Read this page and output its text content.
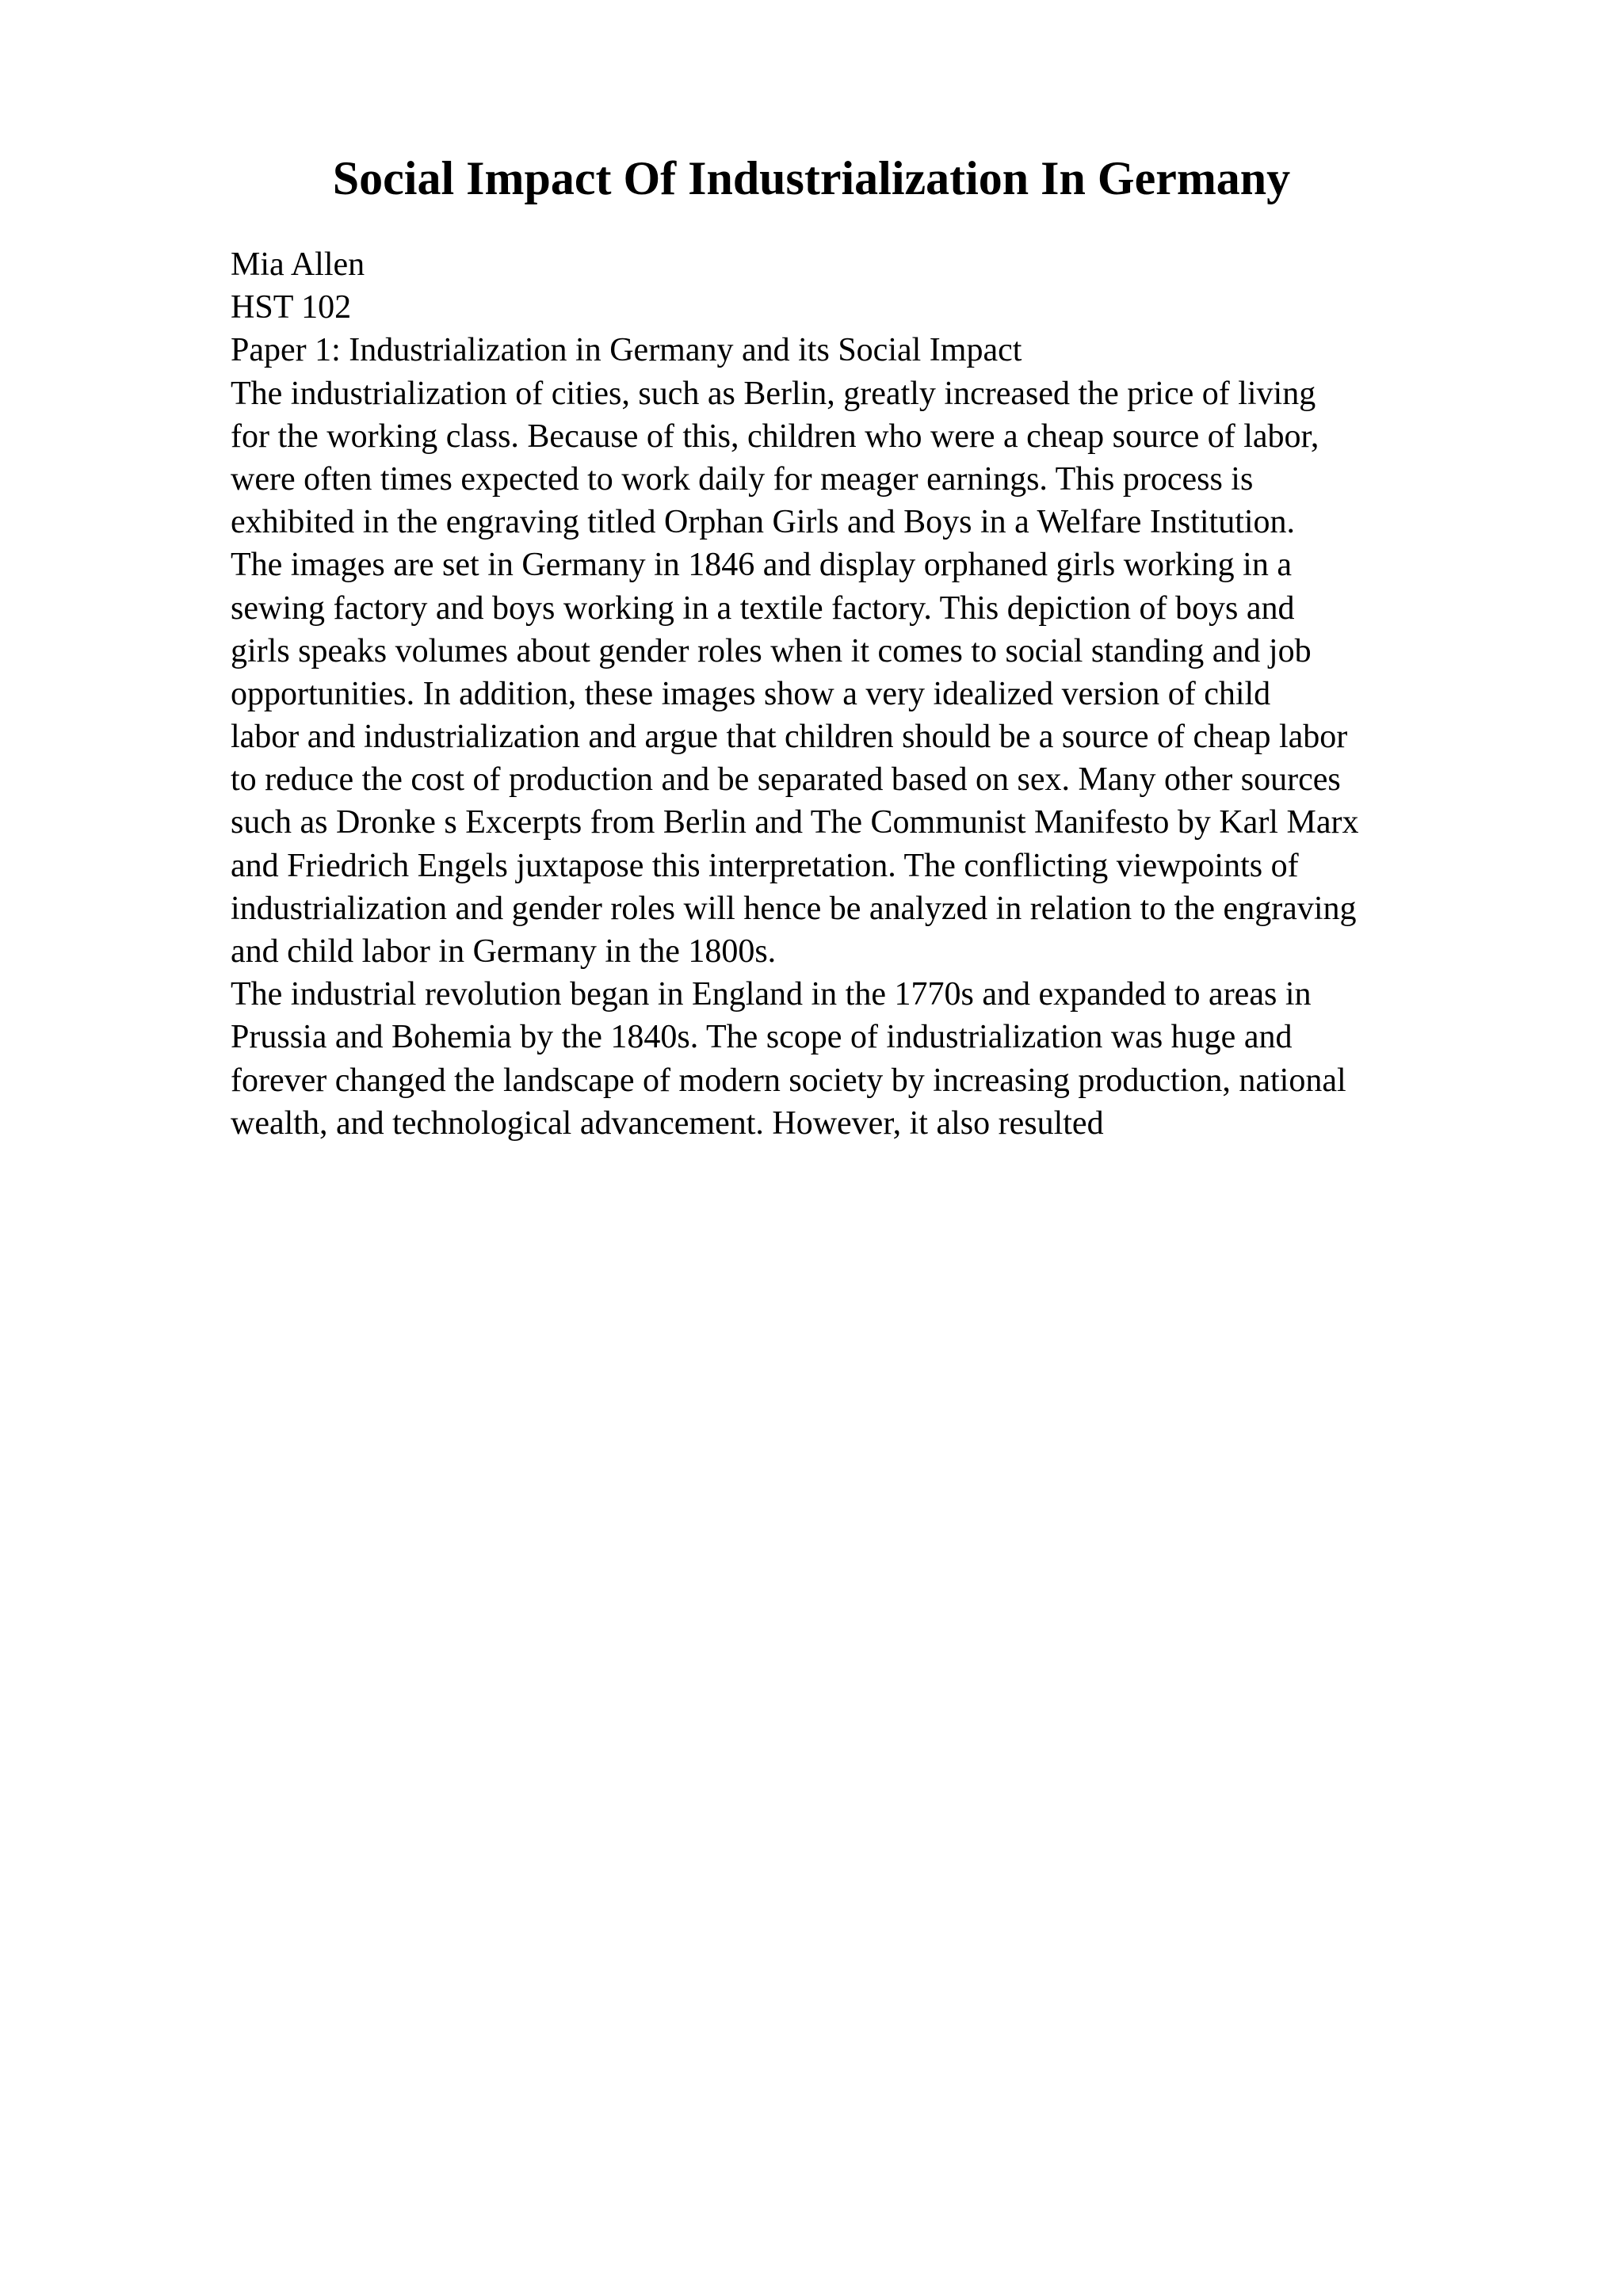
Social Impact Of Industrialization In Germany
Mia Allen
HST 102
Paper 1: Industrialization in Germany and its Social Impact
The industrialization of cities, such as Berlin, greatly increased the price of living
for the working class. Because of this, children who were a cheap source of labor,
were often times expected to work daily for meager earnings. This process is
exhibited in the engraving titled Orphan Girls and Boys in a Welfare Institution.
The images are set in Germany in 1846 and display orphaned girls working in a
sewing factory and boys working in a textile factory. This depiction of boys and
girls speaks volumes about gender roles when it comes to social standing and job
opportunities. In addition, these images show a very idealized version of child
labor and industrialization and argue that children should be a source of cheap labor
to reduce the cost of production and be separated based on sex. Many other sources
such as Dronke s Excerpts from Berlin and The Communist Manifesto by Karl Marx
and Friedrich Engels juxtapose this interpretation. The conflicting viewpoints of
industrialization and gender roles will hence be analyzed in relation to the engraving
and child labor in Germany in the 1800s.
The industrial revolution began in England in the 1770s and expanded to areas in
Prussia and Bohemia by the 1840s. The scope of industrialization was huge and
forever changed the landscape of modern society by increasing production, national
wealth, and technological advancement. However, it also resulted
